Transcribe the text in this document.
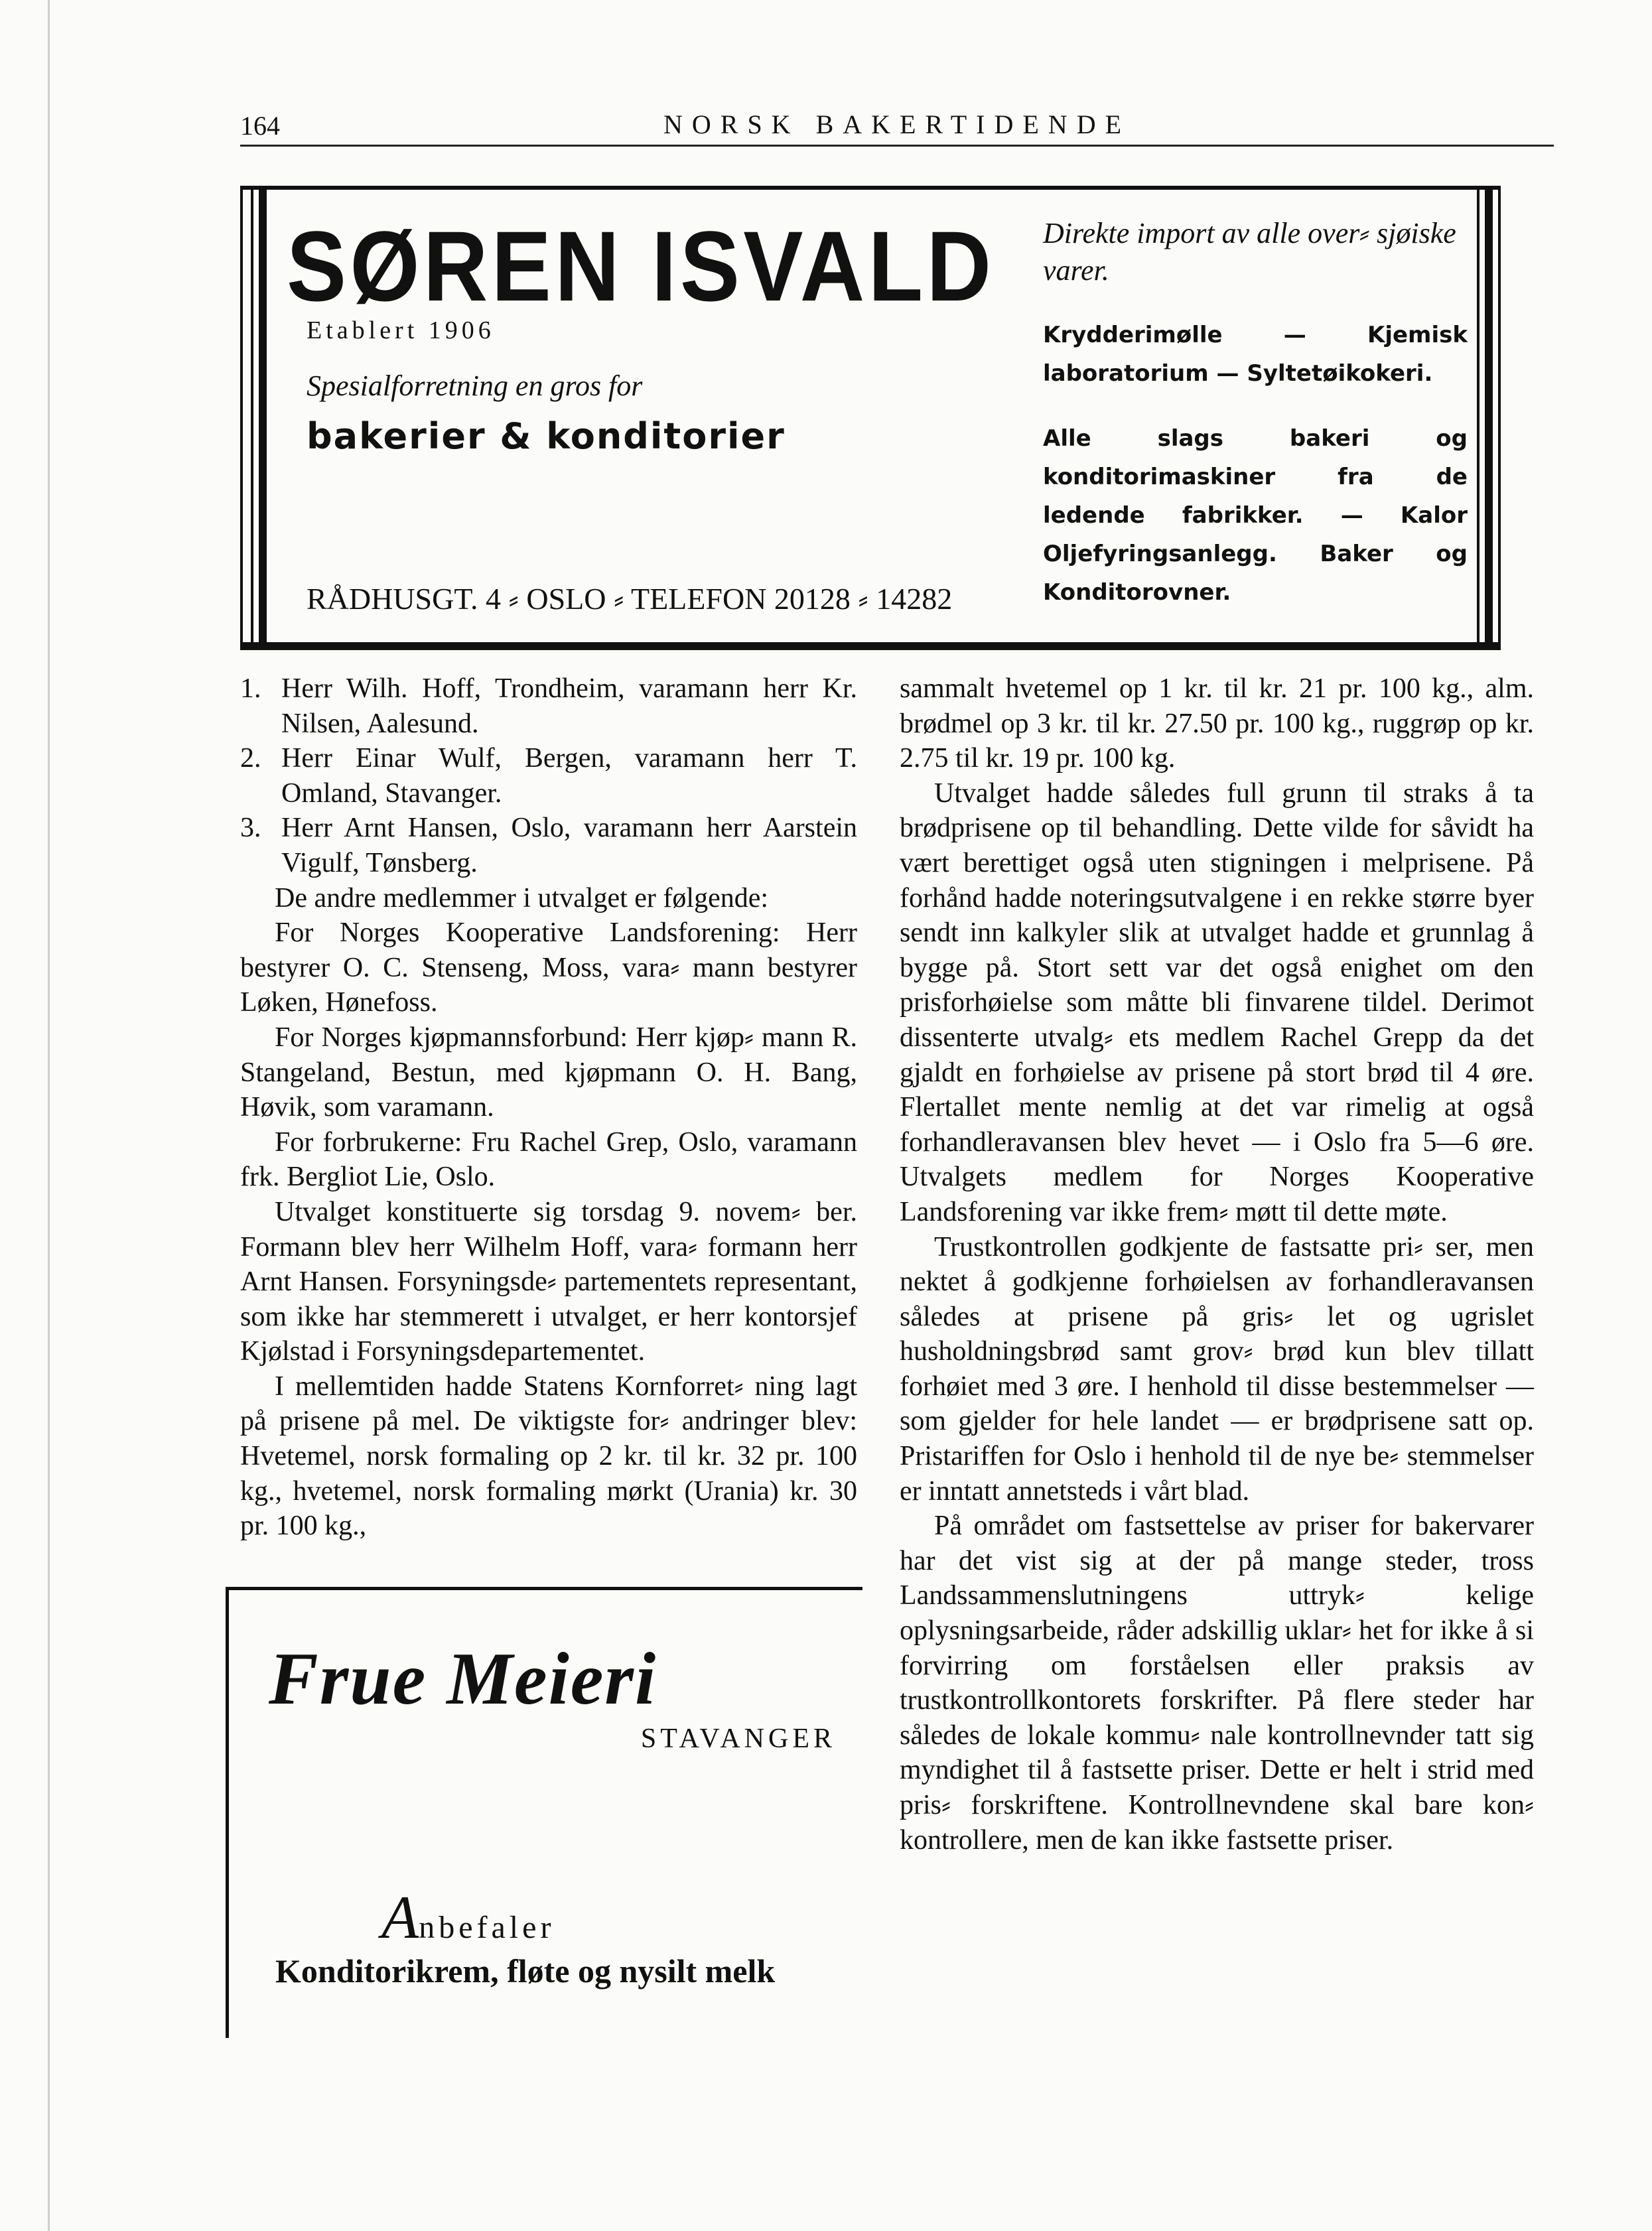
164	NORSK BAKERTIDENDE
SØREN ISVALD
Etablert 1906
Spesialforretning en gros for
bakerier & konditorier
RÅDHUSGT. 4 ⸗ OSLO ⸗ TELEFON 20128 ⸗ 14282
Direkte import av alle over⸗ sjøiske varer.
Krydderimølle — Kjemisk laboratorium — Syltetøikokeri.
Alle slags bakeri og konditorimaskiner fra de ledende fabrikker. — Kalor Oljefyringsanlegg. Baker og Konditorovner.

1. Herr Wilh. Hoff, Trondheim, varamann herr Kr. Nilsen, Aalesund.

2. Herr Einar Wulf, Bergen, varamann herr T. Omland, Stavanger.

3. Herr Arnt Hansen, Oslo, varamann herr Aarstein Vigulf, Tønsberg.

De andre medlemmer i utvalget er følgende:

For Norges Kooperative Landsforening: Herr bestyrer O. C. Stenseng, Moss, vara⸗ mann bestyrer Løken, Hønefoss.

For Norges kjøpmannsforbund: Herr kjøp⸗ mann R. Stangeland, Bestun, med kjøpmann O. H. Bang, Høvik, som varamann.

For forbrukerne: Fru Rachel Grep, Oslo, varamann frk. Bergliot Lie, Oslo.

Utvalget konstituerte sig torsdag 9. novem⸗ ber. Formann blev herr Wilhelm Hoff, vara⸗ formann herr Arnt Hansen. Forsyningsde⸗ partementets representant, som ikke har stemmerett i utvalget, er herr kontorsjef Kjølstad i Forsyningsdepartementet.

I mellemtiden hadde Statens Kornforret⸗ ning lagt på prisene på mel. De viktigste for⸗ andringer blev: Hvetemel, norsk formaling op 2 kr. til kr. 32 pr. 100 kg., hvetemel, norsk formaling mørkt (Urania) kr. 30 pr. 100 kg.,

sammalt hvetemel op 1 kr. til kr. 21 pr. 100 kg., alm. brødmel op 3 kr. til kr. 27.50 pr. 100 kg., ruggrøp op kr. 2.75 til kr. 19 pr. 100 kg.

Utvalget hadde således full grunn til straks å ta brødprisene op til behandling. Dette vilde for såvidt ha vært berettiget også uten stigningen i melprisene. På forhånd hadde noteringsutvalgene i en rekke større byer sendt inn kalkyler slik at utvalget hadde et grunnlag å bygge på. Stort sett var det også enighet om den prisforhøielse som måtte bli finvarene tildel. Derimot dissenterte utvalg⸗ ets medlem Rachel Grepp da det gjaldt en forhøielse av prisene på stort brød til 4 øre. Flertallet mente nemlig at det var rimelig at også forhandleravansen blev hevet — i Oslo fra 5—6 øre. Utvalgets medlem for Norges Kooperative Landsforening var ikke frem⸗ møtt til dette møte.

Trustkontrollen godkjente de fastsatte pri⸗ ser, men nektet å godkjenne forhøielsen av forhandleravansen således at prisene på gris⸗ let og ugrislet husholdningsbrød samt grov⸗ brød kun blev tillatt forhøiet med 3 øre. I henhold til disse bestemmelser — som gjelder for hele landet — er brødprisene satt op. Pristariffen for Oslo i henhold til de nye be⸗ stemmelser er inntatt annetsteds i vårt blad.

På området om fastsettelse av priser for bakervarer har det vist sig at der på mange steder, tross Landssammenslutningens uttryk⸗ kelige oplysningsarbeide, råder adskillig uklar⸗ het for ikke å si forvirring om forståelsen eller praksis av trustkontrollkontorets forskrifter. På flere steder har således de lokale kommu⸗ nale kontrollnevnder tatt sig myndighet til å fastsette priser. Dette er helt i strid med pris⸗ forskriftene. Kontrollnevndene skal bare kon⸗ kontrollere, men de kan ikke fastsette priser.

Frue Meieri
STAVANGER
Anbefaler
Konditorikrem, fløte og nysilt melk
